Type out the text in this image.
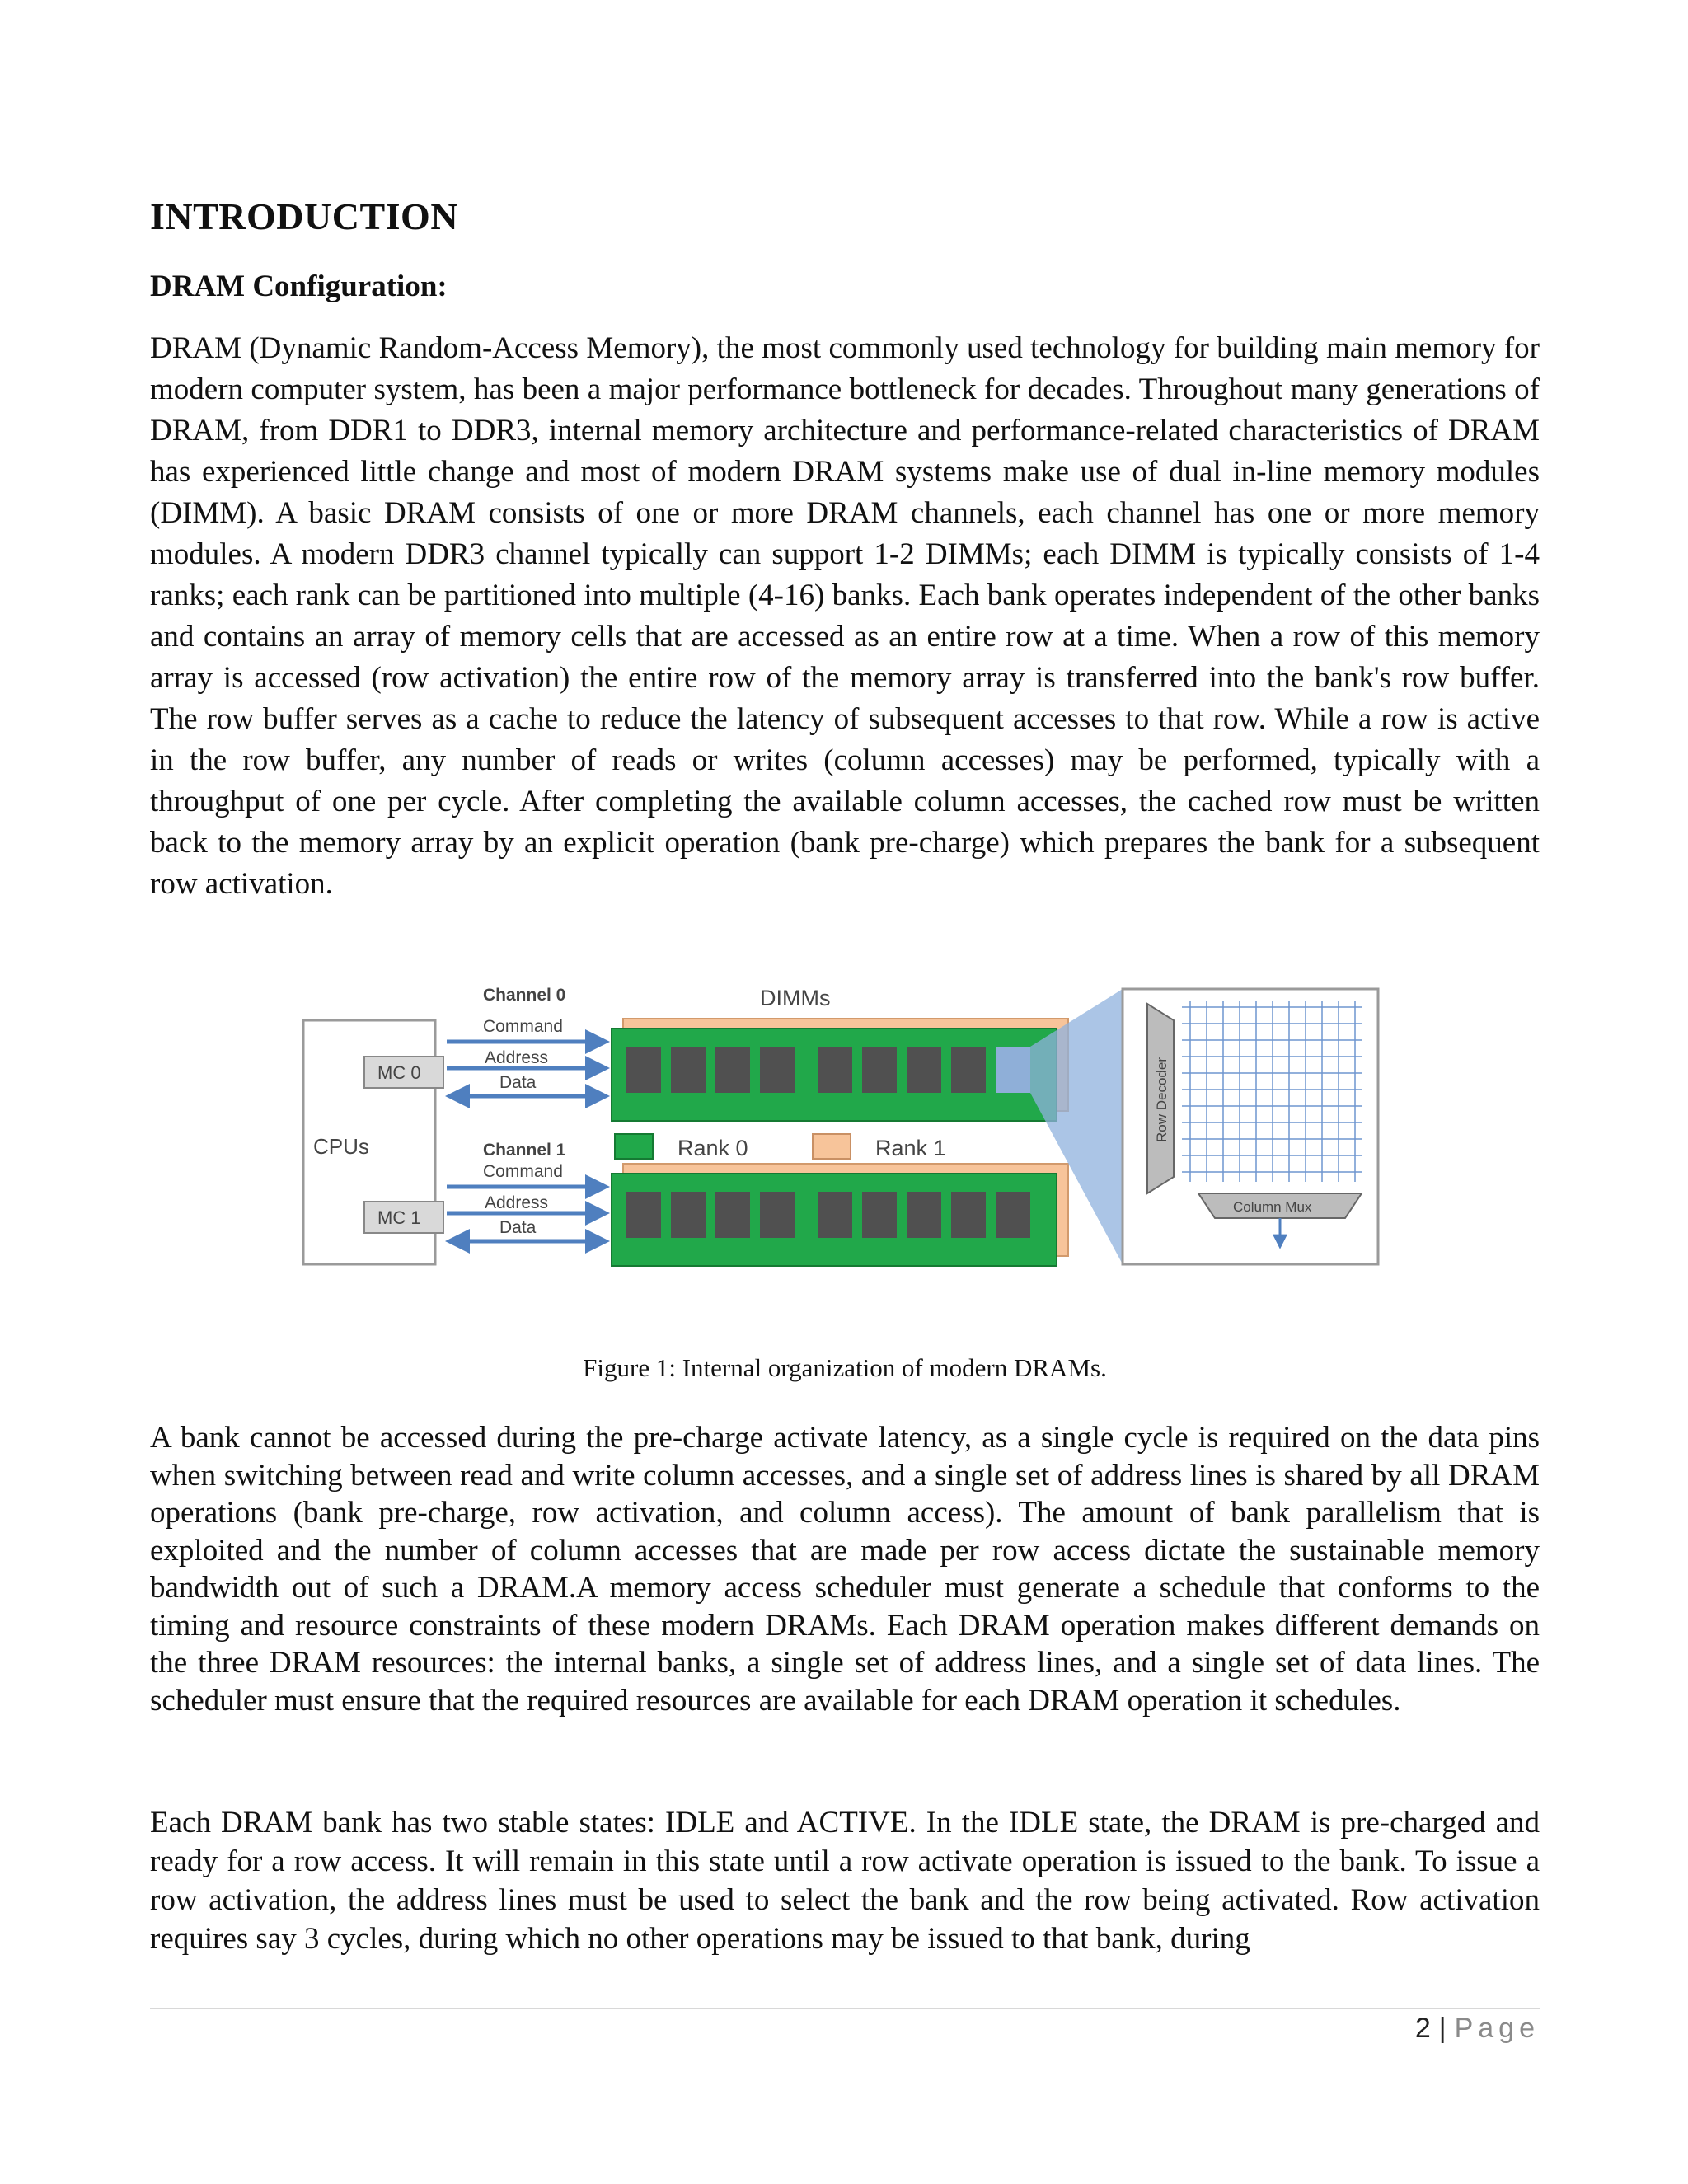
INTRODUCTION
DRAM Configuration:

DRAM (Dynamic Random-Access Memory), the most commonly used technology for building main memory for modern computer system, has been a major performance bottleneck for decades. Throughout many generations of DRAM, from DDR1 to DDR3, internal memory architecture and performance-related characteristics of DRAM has experienced little change and most of modern DRAM systems make use of dual in-line memory modules (DIMM). A basic DRAM consists of one or more DRAM channels, each channel has one or more memory modules. A modern DDR3 channel typically can support 1-2 DIMMs; each DIMM is typically consists of 1-4 ranks; each rank can be partitioned into multiple (4-16) banks. Each bank operates independent of the other banks and contains an array of memory cells that are accessed as an entire row at a time. When a row of this memory array is accessed (row activation) the entire row of the memory array is transferred into the bank's row buffer. The row buffer serves as a cache to reduce the latency of subsequent accesses to that row. While a row is active in the row buffer, any number of reads or writes (column accesses) may be performed, typically with a throughput of one per cycle. After completing the available column accesses, the cached row must be written back to the memory array by an explicit operation (bank pre-charge) which prepares the bank for a subsequent row activation.

CPUs
MC 0
MC 1
Channel 0
Command
Address
Data
DIMMs
Rank 0	Rank 1
Channel 1
Command
Address
Data
Row Decoder
Column Mux
Figure 1: Internal organization of modern DRAMs.

A bank cannot be accessed during the pre-charge activate latency, as a single cycle is required on the data pins when switching between read and write column accesses, and a single set of address lines is shared by all DRAM operations (bank pre-charge, row activation, and column access). The amount of bank parallelism that is exploited and the number of column accesses that are made per row access dictate the sustainable memory bandwidth out of such a DRAM.A memory access scheduler must generate a schedule that conforms to the timing and resource constraints of these modern DRAMs. Each DRAM operation makes different demands on the three DRAM resources: the internal banks, a single set of address lines, and a single set of data lines. The scheduler must ensure that the required resources are available for each DRAM operation it schedules.

Each DRAM bank has two stable states: IDLE and ACTIVE. In the IDLE state, the DRAM is pre-charged and ready for a row access. It will remain in this state until a row activate operation is issued to the bank. To issue a row activation, the address lines must be used to select the bank and the row being activated. Row activation requires say 3 cycles, during which no other operations may be issued to that bank, during

2 | Page
